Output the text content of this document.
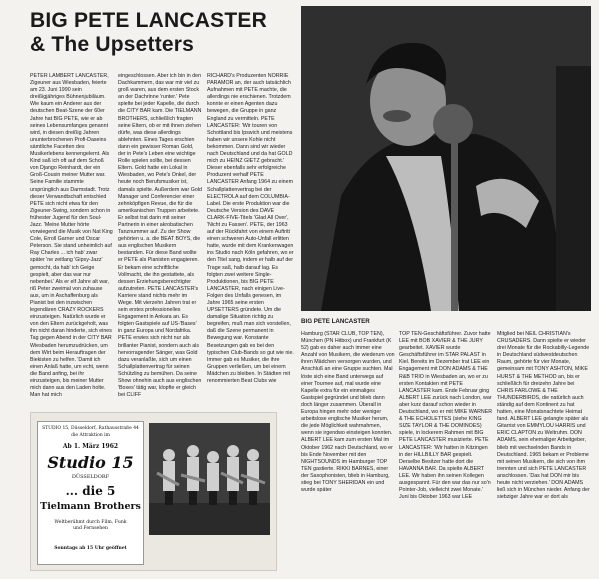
BIG PETE LANCASTER
& The Upsetters
PETER LAMBERT LANCASTER, Zigeuner aus Wiesbaden, feierte am 23. Juni 1990 sein dreißigjähriges Bühnenjubiläum. Wie kaum ein Anderer aus der deutschen Beat-Szene der 60er Jahre hat BIG PETE, wie er ab seines Lebensumfanges genannt wird, in diesen dreißig Jahren ununterbrochenen Profi-Daseins sämtliche Facetten des Musikerlebens kennengelernt. Als Kind saß ich oft auf dem Schoß von Django Reinhardt, der ein Groß-Cousin meiner Mutter war. Seine Familie stammte ursprünglich aus Darmstadt. Trotz dieser Verwandtschaft entschied PETE sich nicht etwa für den Zigeuner-Swing, sondern schon in frühester Jugend für den Soul-Jazz. 'Meine Mutter hörte vorwiegend die Musik von Nat King Cole, Erroll Garner und Oscar Peterson. Sie stand unheimlich auf Ray Charles ... ich hab' zwar später 'ne zeitlang 'Gipsy-Jazz' gemocht, da hab' ich Geige gespielt, aber das war nur nebenbei.' Als er elf Jahre alt war, riß Peter zweimal von zuhause aus, um in Aschaffenburg als Pianist bei den inzwischen legendären CRAZY ROCKERS einzusteigen. Natürlich wurde er von den Eltern zurückgeholt, was ihn nicht daran hinderte, sich eines Tag gegen Abend in der CITY BAR Wiesbaden herumzudrücken, um dem Wirt beim Herauftragen der Biekisten zu helfen. 'Damit ich einen Anlaß hatte, um echt, wenn die Band anfing, bei ihr einzusteigen, bis meiner Mutter mich dann aus den Laden holte. Man hat mich
eingeschlossen. Aber ich bin in den Dachkammern, das war mir viel zu groß waren, aus dem ersten Stock an der Dachrinne 'runter.' Pete spielte bei jeder Kapelle, die durch die CITY BAR kam. Die TIELMANN BROTHERS, schließlich fragten seine Eltern, ob er mit ihnen ziehen dürfe, was diese allerdings ablehnten. Eines Tages erschien dann ein gewisser Roman Gold, der in Pete's Leben eine wichtige Rolle spielen sollte, bei dessen Eltern. Gold hatte ein Lokal in Wiesbaden, wo Pete's Onkel, der heute noch Berufsmusiker ist, damals spielte. Außerdem war Gold Manager und Conferencier einer zehnköpfigen Revue, die für die amerikanischen Truppen arbeitete. Er selbst trat darin mit seiner Partnerin in einer akrobatischen Tanznummer auf. Zu der Show gehörten u. a. die BEAT BOYS, die aus englischen Musikern bestanden. Für diese Band wollte er PETE als Pianisten engagieren. Er bekam eine schriftliche Vollmacht, die ihn gestattete, als dessen Erziehungsberechtigter aufzutreten. PETE LANCASTER's Karriere stand nichts mehr im Wege. Mit vierzehn Jahren trat er sein erstes professionelles Engagement in Ankara an. Es folgten Gastspiele auf US-'Bases' in ganz Europa und Nordafrika. PETE erwies sich nicht nur als brillanter Pianist, sondern auch als hervorragender Sänger, was Gold dazu veranlaßte, sich um einen Schallplattenvertrag für seinen Schützling zu bemühen. Da seine Show ohnehin auch aus englischen 'Boxes' tätig war, klopfte er gleich bei CLIFF
RICHARD's Produzenten NORRIE PARAMOR an, der auch tatsächlich Aufnahmen mit PETE machte, die allerdings nie erschienen. Trotzdem konnte er einen Agenten dazu bewegen, die Gruppe in ganz England zu vermitteln. PETE LANCASTER: 'Wir touren von Schottland bis Ipswich und meistens haben wir unsere Kohle nicht bekommen. Dann sind wir wieder nach Deutschland und da hat GOLD mich zu HEINZ GIETZ gebracht.' Dieser ebenfalls sehr erfolgreiche Produzent verhalf PETE LANCASTER Anfang 1964 zu einem Schallplattenvertrag bei der ELECTROLA auf dem COLUMBIA-Label. Die erste Produktion war die Deutsche Version des DAVE CLARK-FIVE-Titels 'Glad All Over', 'Nicht zu Fassen'. PETE, der 1963 auf der Rückfahrt von einem Auftritt einen schweren Auto-Unfall erlitten hatte, wurde mit dem Krankenwagen ins Studio nach Köln gefahren, wo er den Titel sang, indem er halb auf der Trage saß, halb darauf lag. Es folgten zwei weitere Single-Produktionen, bis BIG PETE LANCASTER, nach einigen Live-Folgen des Unfalls genesen, im Jahre 1965 seine ersten UPSETTERS gründete. Um die damalige Situation richtig zu begreifen, muß man sich vorstellen, daß die Szene permanent in Bewegung war. Konstante Besetzungen gab es bei den typischen Club-Bands so gut wie nie. Immer gab es Musiker, die ihre Gruppen verließen, um bei einem Mädchen zu bleiben. In Städten mit renommierten Beat Clubs wie
BIG PETE LANCASTER
Hamburg (STAR CLUB, TOP TEN), München (PN Hitbox) und Frankfurt (K 52) gab es daher auch immer eine Anzahl von Musikern, die wiederum von ihren Mädchen versorgen wurden, und Anschluß an eine Gruppe suchten. Mal löste sich eine Band unterwegs auf einer Tournee auf, mal wurde eine Kapelle extra für ein einmaliges Gastspiel gegründet und blieb dann doch länger zusammen. Überall in Europa hingen mehr oder weniger arbeitslose englische Musiker herum, die jede Möglichkeit wahrnahmen, wenn sie irgendwo einsteigen konnten. ALBERT LEE kam zum ersten Mal im Oktober 1962 nach Deutschland, wo er bis Ende November mit den NIGHTSOUNDS im Hamburger TOP TEN gastierte. RIKKI BARNES, einer der Saxophonisten, blieb in Hamburg, stieg bei TONY SHERIDAN ein und wurde später
TOP TEN-Geschäftsführer. Zuvor hatte LEE mit BOB XAVIER & THE JURY gearbeitet. XAVIER wurde Geschäftsführer im STAR PALAST in Kiel. Bereits im Dezember trat LEE ein Engagement mit DON ADAMS & THE R&B TRIO in Wiesbaden an, wo er zu ersten Kontakten mit PETE LANCASTER kam. Ende Februar ging ALBERT LEE zurück nach London, war aber kurz darauf schon wieder in Deutschland, wo er mit MIKE WARNER & THE ECHOLETTES (siehe KING SIZE TAYLOR & THE DOMINOES) spiele, in lockerem Rahmen mit BIG PETE LANCASTER musizierte. PETE LANCASTER: 'Wir hatten in Kitzingen in der HILLBILLY BAR gespielt. Derselbe Besitzer hatte dort die HAVANNA BAR. Da spielte ALBERT LEE. Wir haben ihn seinen Kollegen ausgespannt. Für den war das nur so'n Pointer-Job, vielleicht zwei Monate.' Juni bis Oktober 1963 war LEE
Mitglied bei NEIL CHRISTIAN's CRUSADERS. Dann spielte er wieder drei Monate für die Rockabilly-Legende in Deutschland südwestdeutschen Raum, gehörte für vier Monate, gemeinsam mit TONY ASHTON, MIKE HURST & THE METHOD an, bis er schließlich für dreizehn Jahre bei CHRIS FARLOWE & THE THUNDERBIRDS, die natürlich auch ständig auf dem Kontinent zu hat hatten, eine Monatsnachtete Heimat fand. ALBERT LEE gelangte später als Gitarrist von EMMYLOU HARRIS und ERIC CLAPTON zu Weltruhm. DON ADAMS, sein ehemaliger Arbeitgeber, blieb mit wechselnden Bands in Deutschland. 1965 bekam er Probleme mit seinen Musikern, die sich von ihm trennten und sich PETE LANCASTER anschlossen. 'Das hat DON mir bis heute nicht verziehen.' DON ADAMS ließ sich in München nieder. Anfang der siebziger Jahre war er dort als
STUDIO 15, Düsseldorf, Rathausstraße 44
die Attraktion im
Ab 1. März 1962
Studio 15
DÜSSELDORF
... die 5
Tielmann Brothers
Weltberühmt durch Film, Funk und Fernsehen
Sonntags ab 15 Uhr geöffnet
